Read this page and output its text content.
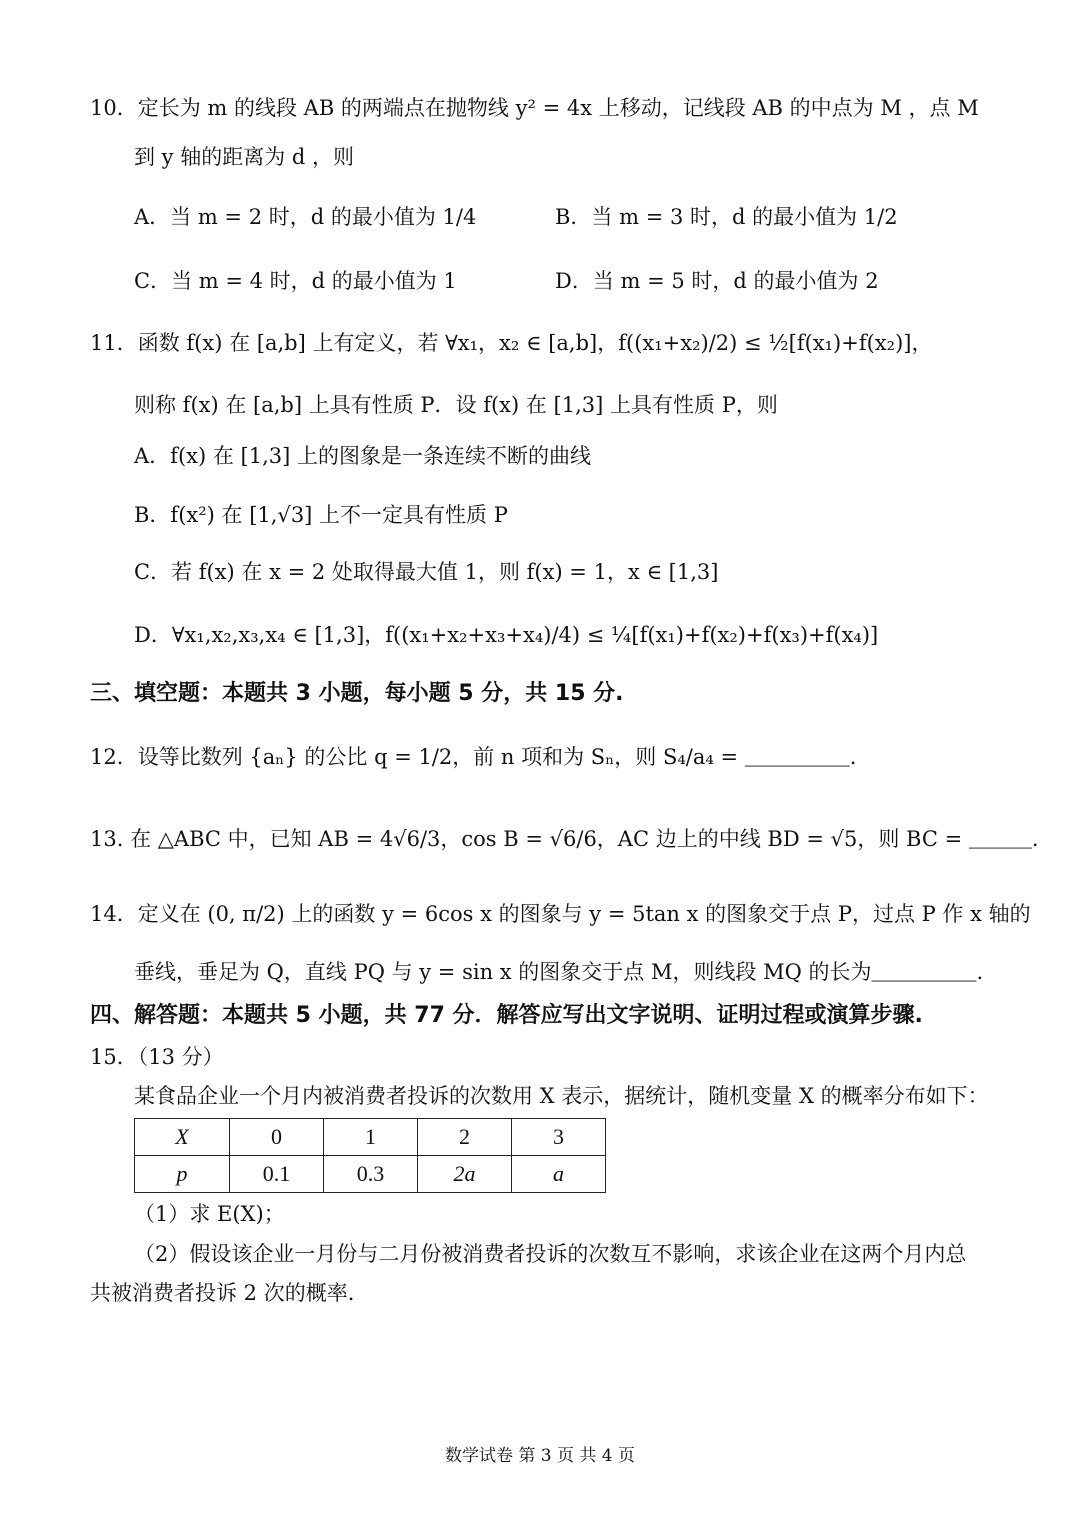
10．定长为 m 的线段 AB 的两端点在抛物线 y² = 4x 上移动，记线段 AB 的中点为 M ，点 M
到 y 轴的距离为 d ，则
A．当 m = 2 时，d 的最小值为 1/4	B．当 m = 3 时，d 的最小值为 1/2
C．当 m = 4 时，d 的最小值为 1	D．当 m = 5 时，d 的最小值为 2
11．函数 f(x) 在 [a,b] 上有定义，若 ∀x₁，x₂ ∈ [a,b]，f((x₁+x₂)/2) ≤ ½[f(x₁)+f(x₂)]，
则称 f(x) 在 [a,b] 上具有性质 P．设 f(x) 在 [1,3] 上具有性质 P，则
A．f(x) 在 [1,3] 上的图象是一条连续不断的曲线
B．f(x²) 在 [1,√3] 上不一定具有性质 P
C．若 f(x) 在 x = 2 处取得最大值 1，则 f(x) = 1，x ∈ [1,3]
D．∀x₁,x₂,x₃,x₄ ∈ [1,3]，f((x₁+x₂+x₃+x₄)/4) ≤ ¼[f(x₁)+f(x₂)+f(x₃)+f(x₄)]
三、填空题：本题共 3 小题，每小题 5 分，共 15 分.
12．设等比数列 {aₙ} 的公比 q = 1/2，前 n 项和为 Sₙ，则 S₄/a₄ = ＿＿＿＿＿.
13. 在 △ABC 中，已知 AB = 4√6/3，cos B = √6/6，AC 边上的中线 BD = √5，则 BC = ＿＿＿.
14．定义在 (0, π/2) 上的函数 y = 6cos x 的图象与 y = 5tan x 的图象交于点 P，过点 P 作 x 轴的
垂线，垂足为 Q，直线 PQ 与 y = sin x 的图象交于点 M，则线段 MQ 的长为＿＿＿＿＿.
四、解答题：本题共 5 小题，共 77 分．解答应写出文字说明、证明过程或演算步骤.
15．（13 分）
某食品企业一个月内被消费者投诉的次数用 X 表示，据统计，随机变量 X 的概率分布如下：
X	0	1	2	3
p	0.1	0.3	2a	a
（1）求 E(X)；
（2）假设该企业一月份与二月份被消费者投诉的次数互不影响，求该企业在这两个月内总
共被消费者投诉 2 次的概率.
数学试卷 第 3 页 共 4 页
